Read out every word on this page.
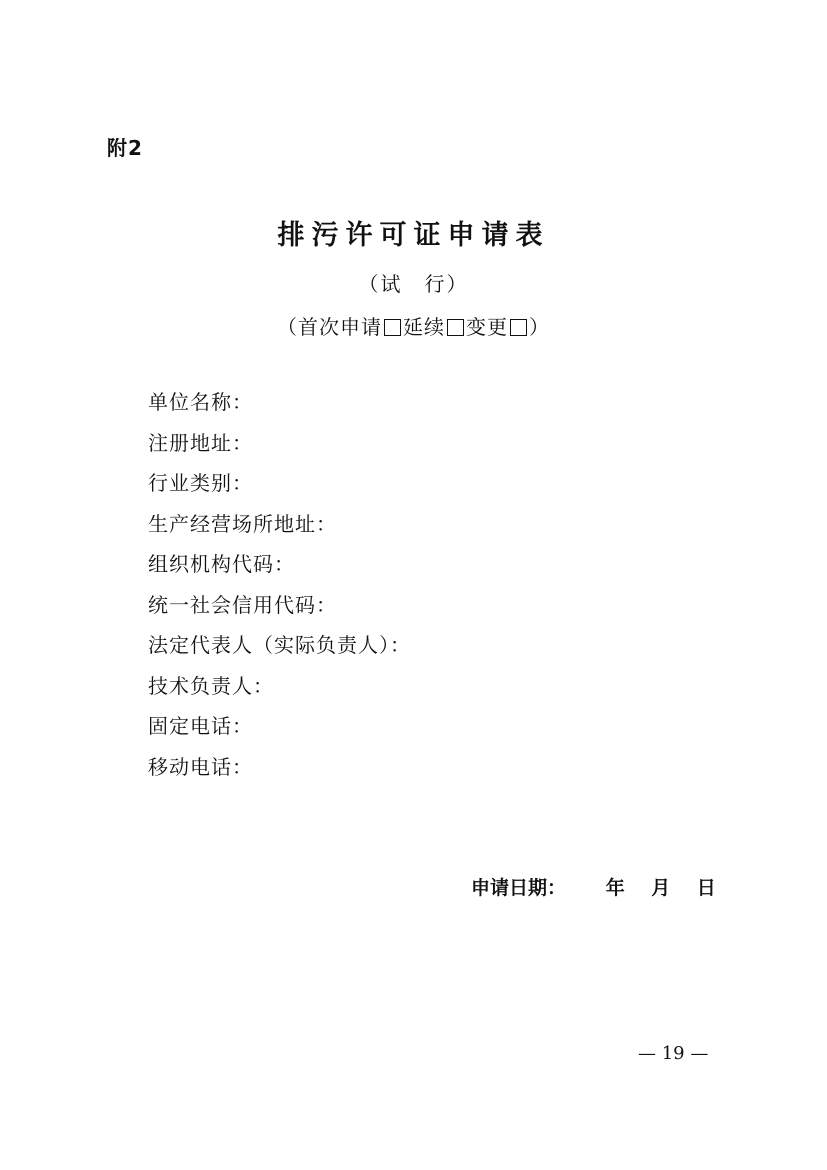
附2
排污许可证申请表
（试　行）
（首次申请 延续 变更 ）
单位名称：
注册地址：
行业类别：
生产经营场所地址：
组织机构代码：
统一社会信用代码：
法定代表人（实际负责人）：
技术负责人：
固定电话：
移动电话：
申请日期： 年 月 日
— 19 —
